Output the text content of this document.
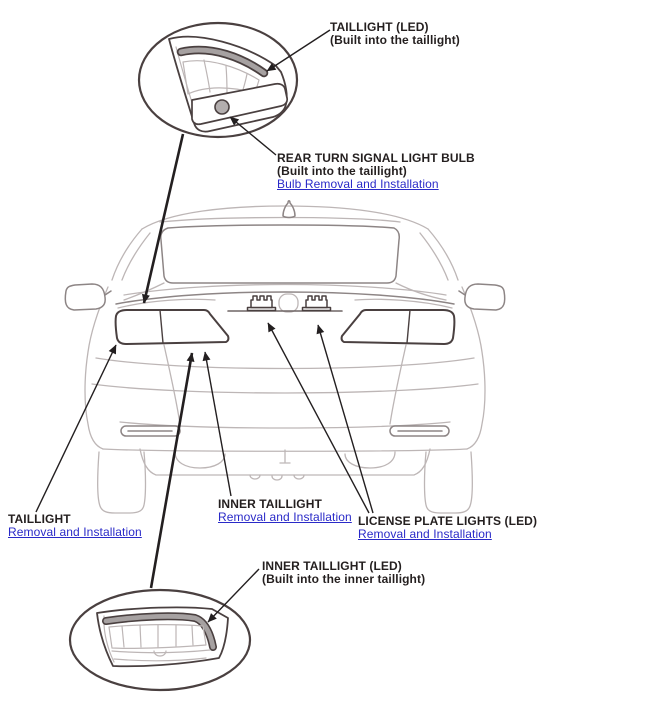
TAILLIGHT (LED)
(Built into the taillight)
REAR TURN SIGNAL LIGHT BULB
(Built into the taillight)
Bulb Removal and Installation
TAILLIGHT
Removal and Installation
INNER TAILLIGHT
Removal and Installation LICENSE PLATE LIGHTS (LED)
Removal and Installation
INNER TAILLIGHT (LED)
(Built into the inner taillight)
